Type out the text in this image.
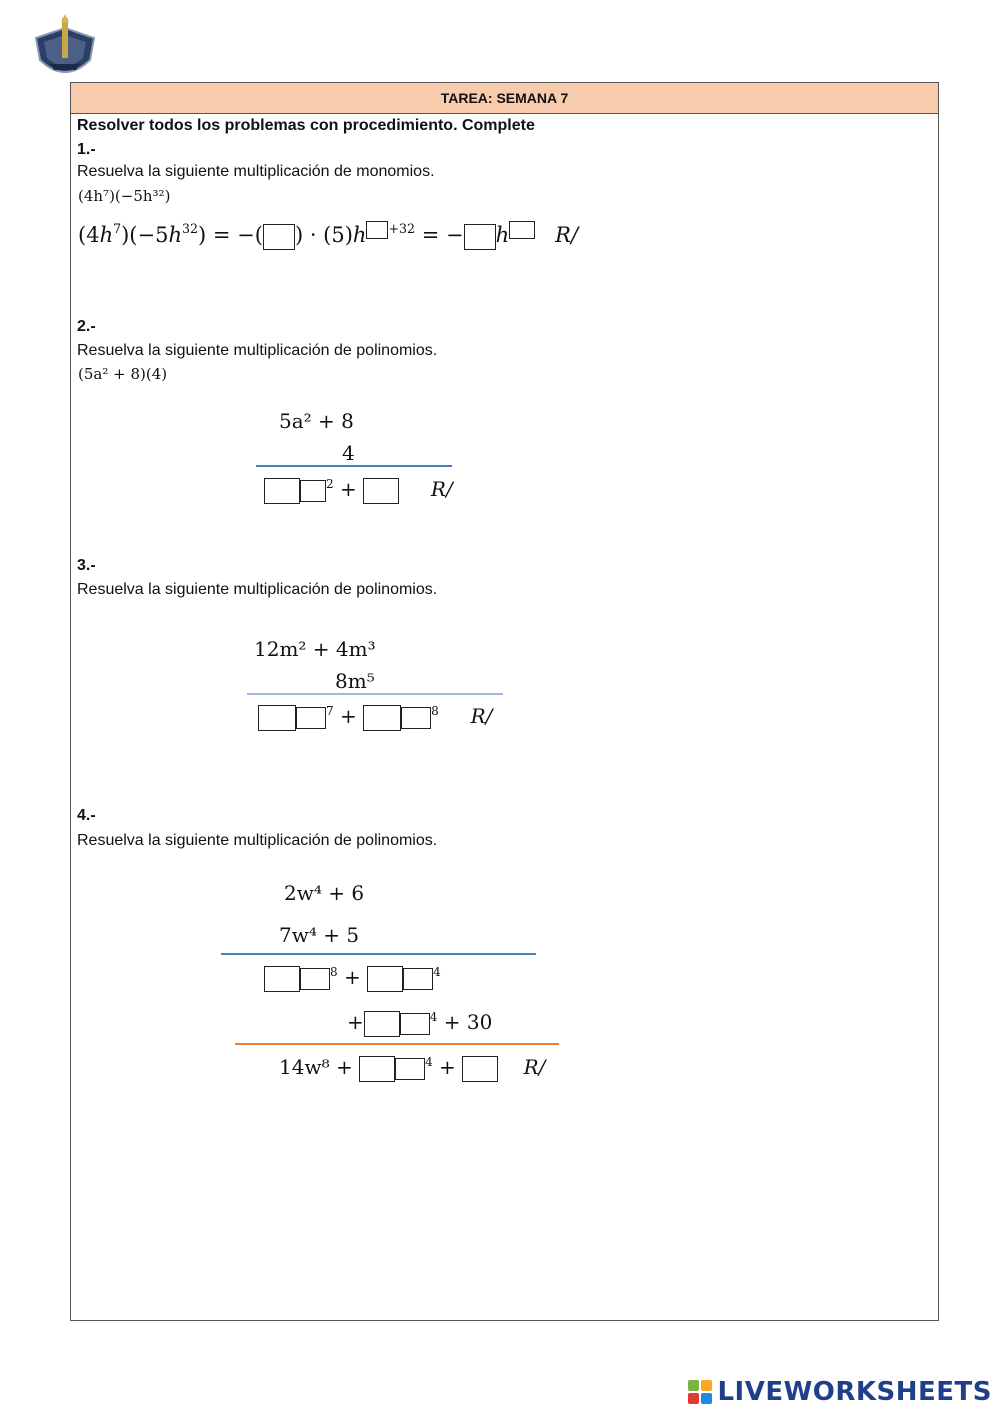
TAREA: SEMANA 7
Resolver todos los problemas con procedimiento. Complete
1.-
Resuelva la siguiente multiplicación de monomios.
(4h⁷)(−5h³²)
$(4h^7)(-5h^{32})$ = −( ) · (5)h $^{+32}$ = − h R/
2.-
Resuelva la siguiente multiplicación de polinomios.
(5a² + 8)(4)
5a² + 8
4
$^2$ +	R/
3.-
Resuelva la siguiente multiplicación de polinomios.
12m² + 4m³
8m⁵
$^7$ +	$^8$ R/
4.-
Resuelva la siguiente multiplicación de polinomios.
2w⁴ + 6
7w⁴ + 5
$^8$ +	$^4$
+	$^4$ + 30
14w⁸ +	$^4$ +	R/
LIVEWORKSHEETS
